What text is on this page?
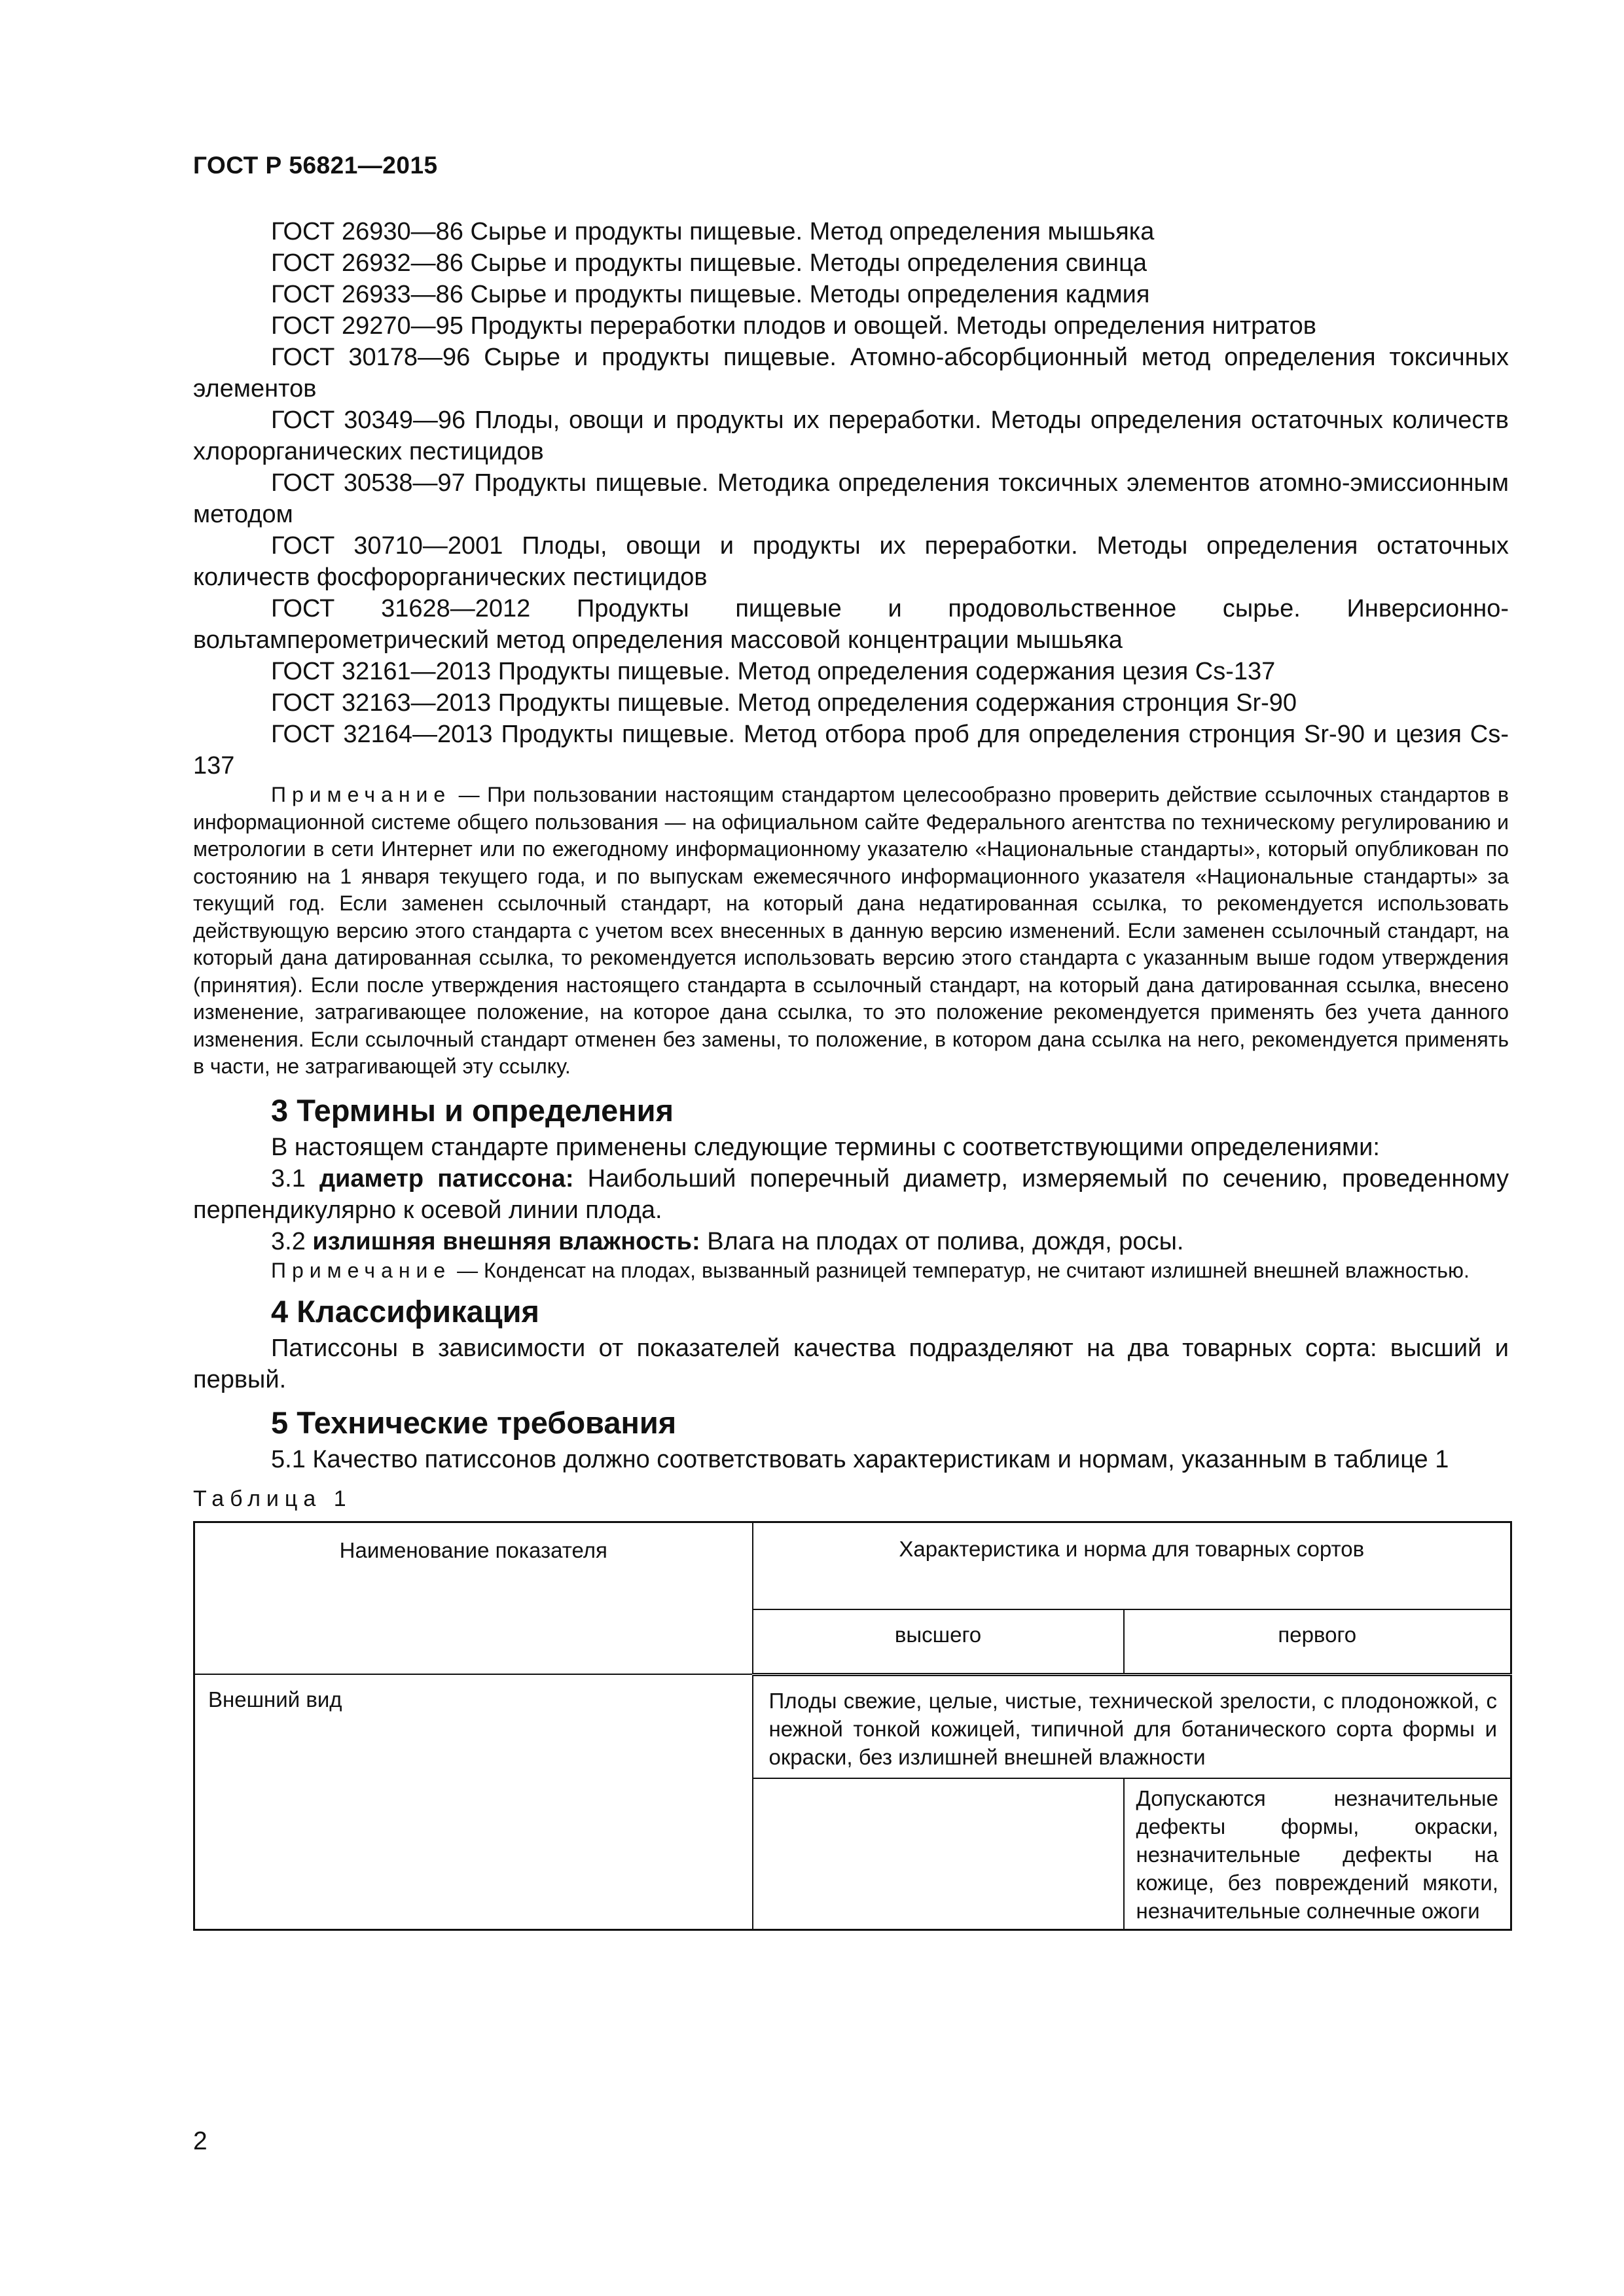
ГОСТ Р 56821—2015

ГОСТ 26930—86 Сырье и продукты пищевые. Метод определения мышьяка

ГОСТ 26932—86 Сырье и продукты пищевые. Методы определения свинца

ГОСТ 26933—86 Сырье и продукты пищевые. Методы определения кадмия

ГОСТ 29270—95 Продукты переработки плодов и овощей. Методы определения нитратов

ГОСТ 30178—96 Сырье и продукты пищевые. Атомно-абсорбционный метод определения токсичных элементов

ГОСТ 30349—96 Плоды, овощи и продукты их переработки. Методы определения остаточных количеств хлорорганических пестицидов

ГОСТ 30538—97 Продукты пищевые. Методика определения токсичных элементов атомно-эмиссионным методом

ГОСТ 30710—2001 Плоды, овощи и продукты их переработки. Методы определения остаточных количеств фосфорорганических пестицидов

ГОСТ 31628—2012 Продукты пищевые и продовольственное сырье. Инверсионно-вольтамперометрический метод определения массовой концентрации мышьяка

ГОСТ 32161—2013 Продукты пищевые. Метод определения содержания цезия Cs-137

ГОСТ 32163—2013 Продукты пищевые. Метод определения содержания стронция Sr-90

ГОСТ 32164—2013 Продукты пищевые. Метод отбора проб для определения стронция Sr-90 и цезия Cs-137

Примечание — При пользовании настоящим стандартом целесообразно проверить действие ссылочных стандартов в информационной системе общего пользования — на официальном сайте Федерального агентства по техническому регулированию и метрологии в сети Интернет или по ежегодному информационному указателю «Национальные стандарты», который опубликован по состоянию на 1 января текущего года, и по выпускам ежемесячного информационного указателя «Национальные стандарты» за текущий год. Если заменен ссылочный стандарт, на который дана недатированная ссылка, то рекомендуется использовать действующую версию этого стандарта с учетом всех внесенных в данную версию изменений. Если заменен ссылочный стандарт, на который дана датированная ссылка, то рекомендуется использовать версию этого стандарта с указанным выше годом утверждения (принятия). Если после утверждения настоящего стандарта в ссылочный стандарт, на который дана датированная ссылка, внесено изменение, затрагивающее положение, на которое дана ссылка, то это положение рекомендуется применять без учета данного изменения. Если ссылочный стандарт отменен без замены, то положение, в котором дана ссылка на него, рекомендуется применять в части, не затрагивающей эту ссылку.

3 Термины и определения

В настоящем стандарте применены следующие термины с соответствующими определениями:

3.1 диаметр патиссона: Наибольший поперечный диаметр, измеряемый по сечению, проведенному перпендикулярно к осевой линии плода.

3.2 излишняя внешняя влажность: Влага на плодах от полива, дождя, росы.

Примечание — Конденсат на плодах, вызванный разницей температур, не считают излишней внешней влажностью.

4 Классификация

Патиссоны в зависимости от показателей качества подразделяют на два товарных сорта: высший и первый.

5 Технические требования

5.1 Качество патиссонов должно соответствовать характеристикам и нормам, указанным в таблице 1

Таблица 1
Наименование показателя	Характеристика и норма для товарных сортов	
	высшего	первого
Внешний вид	Плоды свежие, целые, чистые, технической зрелости, с плодоножкой, с нежной тонкой кожицей, типичной для ботанического сорта формы и окраски, без излишней внешней влажности	
		Допускаются незначительные дефекты формы, окраски, незначительные дефекты на кожице, без повреждений мякоти, незначительные солнечные ожоги
2
